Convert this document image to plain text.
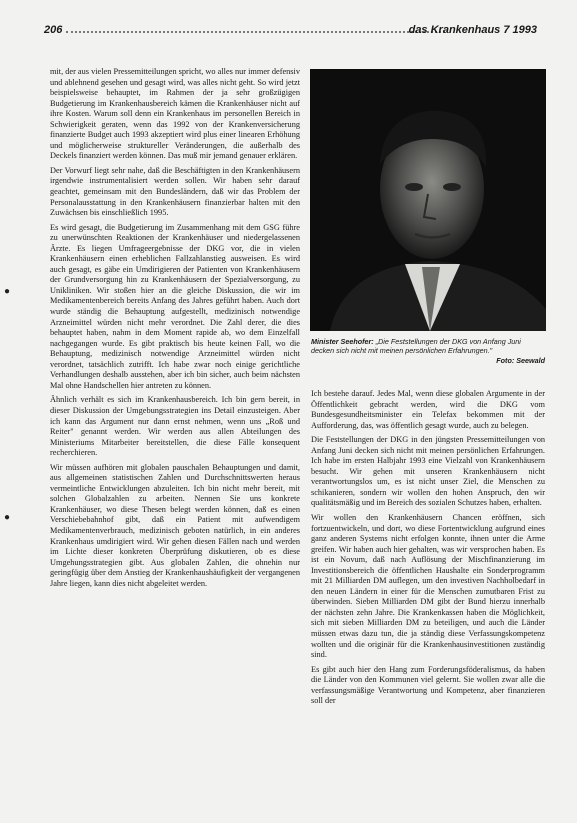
206	das Krankenhaus 7 1993

mit, der aus vielen Pressemitteilungen spricht, wo alles nur immer defensiv und ablehnend gesehen und gesagt wird, was alles nicht geht. So wird jetzt beispielsweise behauptet, im Rahmen der ja sehr großzügigen Budgetierung im Krankenhausbereich kämen die Krankenhäuser nicht auf ihre Kosten. Warum soll denn ein Krankenhaus im personellen Bereich in Schwierigkeit geraten, wenn das 1992 von der Krankenversicherung finanzierte Budget auch 1993 akzeptiert wird plus einer linearen Erhöhung und möglicherweise struktureller Veränderungen, die außerhalb des Deckels finanziert werden können. Das muß mir jemand genauer erklären.

Der Vorwurf liegt sehr nahe, daß die Beschäftigten in den Krankenhäusern irgendwie instrumentalisiert werden sollen. Wir haben sehr darauf geachtet, gemeinsam mit den Bundesländern, daß wir das Problem der Personalausstattung in den Krankenhäusern finanzierbar halten mit den Zuwächsen bis einschließlich 1995.

Es wird gesagt, die Budgetierung im Zusammenhang mit dem GSG führe zu unerwünschten Reaktionen der Krankenhäuser und niedergelassenen Ärzte. Es liegen Umfrageergebnisse der DKG vor, die in vielen Krankenhäusern einen erheblichen Fallzahlanstieg ausweisen. Es wird auch gesagt, es gäbe ein Umdirigieren der Patienten von Krankenhäusern der Grundversorgung hin zu Krankenhäusern der Spezialversorgung, zu Unikliniken. Wir stoßen hier an die gleiche Diskussion, die wir im Medikamentenbereich bereits Anfang des Jahres geführt haben. Auch dort wurde ständig die Behauptung aufgestellt, medizinisch notwendige Arzneimittel würden nicht mehr verordnet. Die Zahl derer, die dies behauptet haben, nahm in dem Moment rapide ab, wo dem Einzelfall nachgegangen wurde. Es gibt praktisch bis heute keinen Fall, wo die Behauptung, medizinisch notwendige Arzneimittel würden nicht verordnet, tatsächlich zutrifft. Ich habe zwar noch einige gerichtliche Verhandlungen deshalb ausstehen, aber ich bin sicher, auch beim nächsten Mal ohne Handschellen hier antreten zu können.

Ähnlich verhält es sich im Krankenhausbereich. Ich bin gern bereit, in dieser Diskussion der Umgebungsstrategien ins Detail einzusteigen. Aber ich kann das Argument nur dann ernst nehmen, wenn uns „Roß und Reiter" genannt werden. Wir werden aus allen Abteilungen des Ministeriums Mitarbeiter bereitstellen, die diese Fälle konsequent recherchieren.

Wir müssen aufhören mit globalen pauschalen Behauptungen und damit, aus allgemeinen statistischen Zahlen und Durchschnittswerten heraus vermeintliche Entwicklungen abzuleiten. Ich bin nicht mehr bereit, mit solchen Globalzahlen zu arbeiten. Nennen Sie uns konkrete Krankenhäuser, wo diese Thesen belegt werden können, daß es einen Verschiebebahnhof gibt, daß ein Patient mit aufwendigem Medikamentenverbrauch, medizinisch geboten natürlich, in ein anderes Krankenhaus umdirigiert wird. Wir gehen diesen Fällen nach und werden im Lichte dieser konkreten Überprüfung diskutieren, ob es diese Umgehungsstrategien gibt. Aus globalen Zahlen, die ohnehin nur geringfügig über dem Anstieg der Krankenhaushäufigkeit der vergangenen Jahre liegen, kann dies nicht abgeleitet werden.

Minister Seehofer: „Die Feststellungen der DKG von Anfang Juni decken sich nicht mit meinen persönlichen Erfahrungen."
Foto: Seewald

Ich bestehe darauf. Jedes Mal, wenn diese globalen Argumente in der Öffentlichkeit gebracht werden, wird die DKG vom Bundesgesundheitsminister ein Telefax bekommen mit der Aufforderung, das, was öffentlich gesagt wurde, auch zu belegen.

Die Feststellungen der DKG in den jüngsten Pressemitteilungen von Anfang Juni decken sich nicht mit meinen persönlichen Erfahrungen. Ich habe im ersten Halbjahr 1993 eine Vielzahl von Krankenhäusern besucht. Wir gehen mit unseren Krankenhäusern nicht verantwortungslos um, es ist nicht unser Ziel, die Menschen zu schikanieren, sondern wir wollen den hohen Anspruch, den wir qualitätsmäßig und im Bereich des sozialen Schutzes haben, erhalten.

Wir wollen den Krankenhäusern Chancen eröffnen, sich fortzuentwickeln, und dort, wo diese Fortentwicklung aufgrund eines ganz anderen Systems nicht erfolgen konnte, ihnen unter die Arme greifen. Wir haben auch hier gehalten, was wir versprochen haben. Es ist ein Novum, daß nach Auflösung der Mischfinanzierung im Investitionsbereich die öffentlichen Haushalte ein Sonderprogramm mit 21 Milliarden DM auflegen, um den investiven Nachholbedarf in den neuen Ländern in einer für die Menschen zumutbaren Frist zu überwinden. Sieben Milliarden DM gibt der Bund hierzu innerhalb der nächsten zehn Jahre. Die Krankenkassen haben die Möglichkeit, sich mit sieben Milliarden DM zu beteiligen, und auch die Länder müssen etwas dazu tun, die ja ständig diese Verfassungskompetenz wollten und die originär für die Krankenhausinvestitionen zuständig sind.

Es gibt auch hier den Hang zum Forderungsföderalismus, da haben die Länder von den Kommunen viel gelernt. Sie wollen zwar alle die verfassungsmäßige Verantwortung und Kompetenz, aber finanzieren soll der

●
●
